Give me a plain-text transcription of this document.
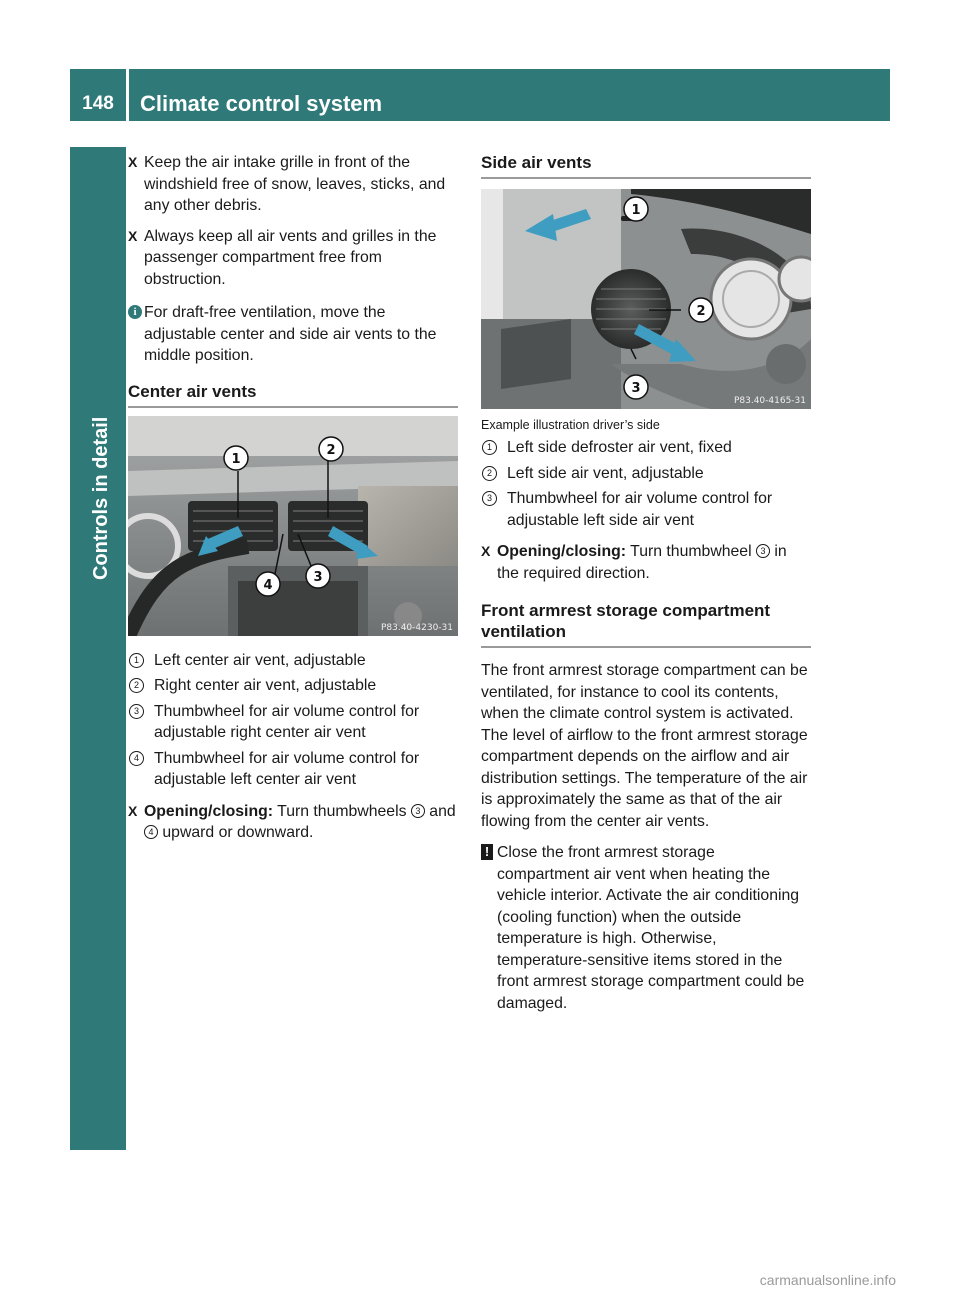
148	Climate control system
Controls in detail
X Keep the air intake grille in front of the windshield free of snow, leaves, sticks, and any other debris.

X Always keep all air vents and grilles in the passenger compartment free from obstruction.

i For draft-free ventilation, move the adjustable center and side air vents to the middle position.

Center air vents
1
2
3
4
P83.40-4230-31
1 Left center air vent, adjustable

2 Right center air vent, adjustable

3 Thumbwheel for air volume control for adjustable right center air vent

4 Thumbwheel for air volume control for adjustable left center air vent

X Opening/closing: Turn thumbwheels 3 and 4 upward or downward.

Side air vents
1
2
3
P83.40-4165-31

Example illustration driver’s side

1 Left side defroster air vent, fixed

2 Left side air vent, adjustable

3 Thumbwheel for air volume control for adjustable left side air vent

X Opening/closing: Turn thumbwheel 3 in the required direction.

Front armrest storage compartment ventilation

The front armrest storage compartment can be ventilated, for instance to cool its contents, when the climate control system is activated. The level of airflow to the front armrest storage compartment depends on the airflow and air distribution settings. The temperature of the air is approximately the same as that of the air flowing from the center air vents.

! Close the front armrest storage compartment air vent when heating the vehicle interior. Activate the air conditioning (cooling function) when the outside temperature is high. Otherwise, temperature-sensitive items stored in the front armrest storage compartment could be damaged.

carmanualsonline.info
